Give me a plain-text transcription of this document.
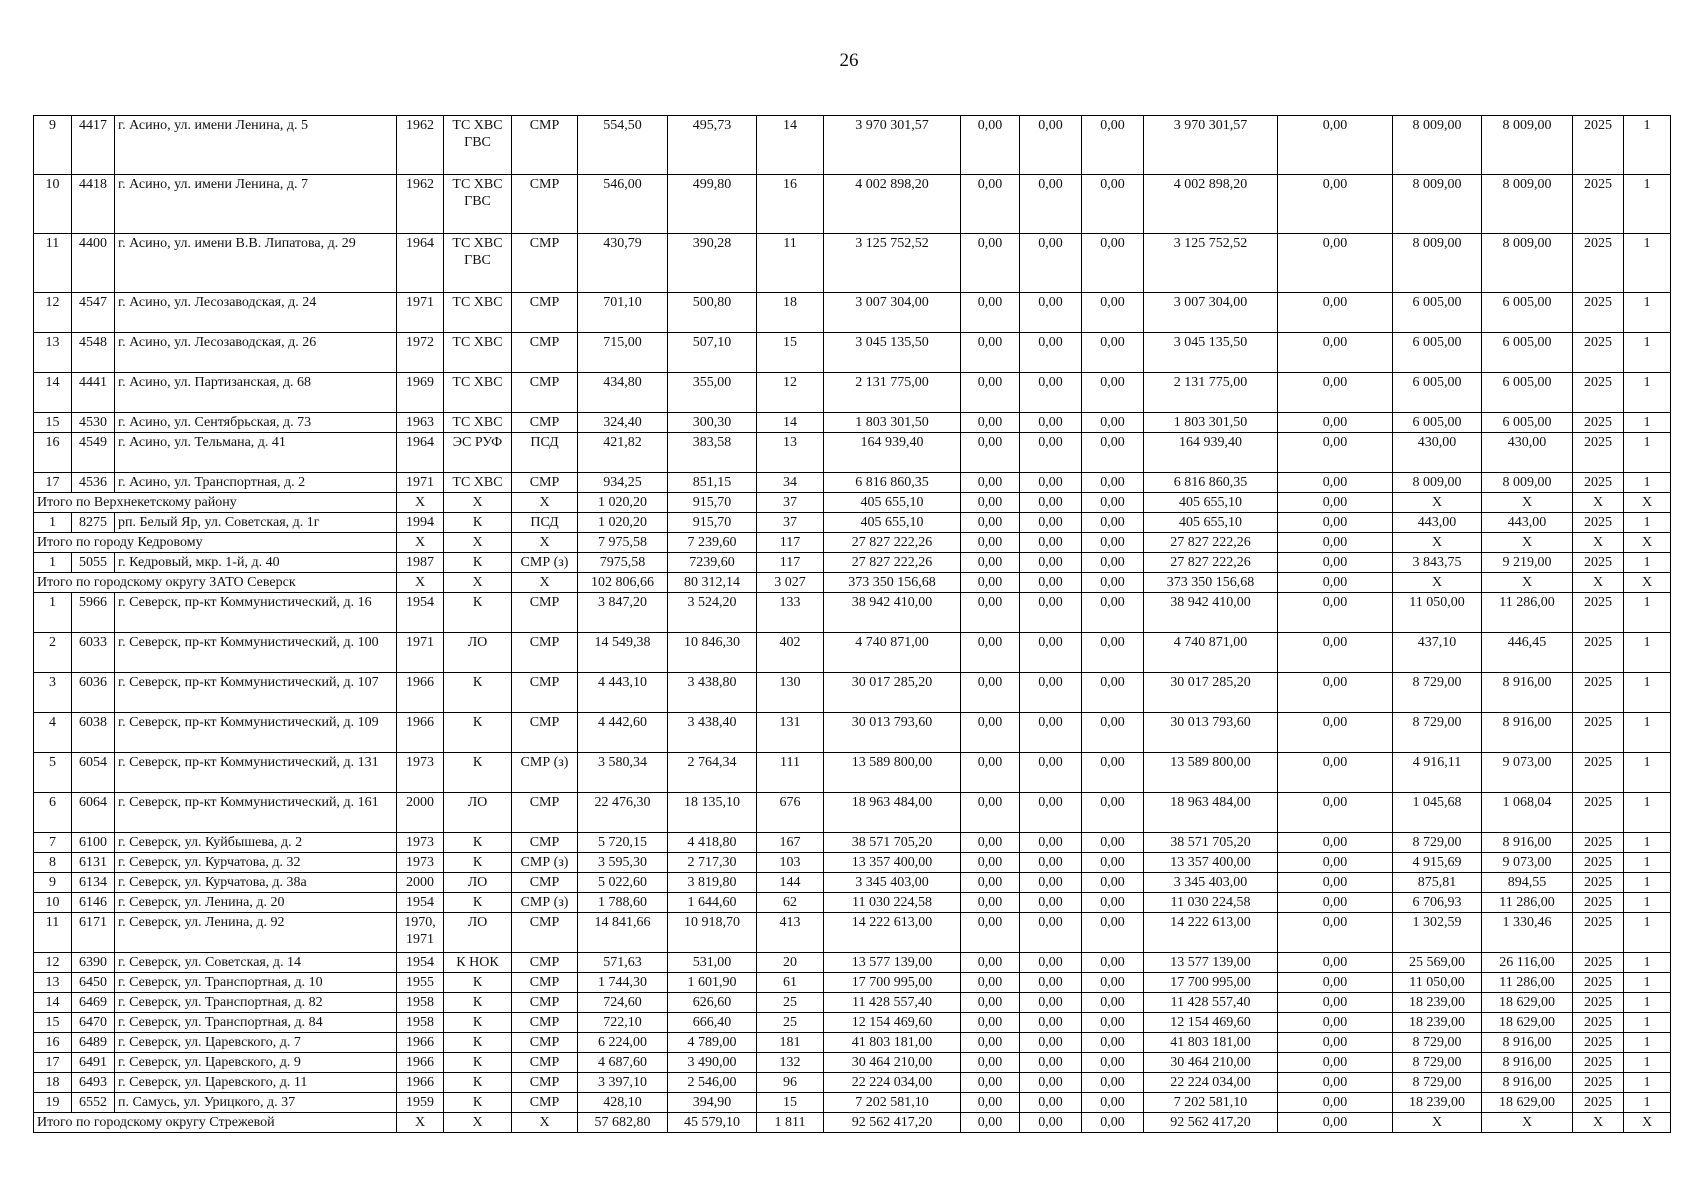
26
9	4417	г. Асино, ул. имени Ленина, д. 5	1962	ТС ХВС ГВС	СМР	554,50	495,73	14	3 970 301,57	0,00	0,00	0,00	3 970 301,57	0,00	8 009,00	8 009,00	2025	1
10	4418	г. Асино, ул. имени Ленина, д. 7	1962	ТС ХВС ГВС	СМР	546,00	499,80	16	4 002 898,20	0,00	0,00	0,00	4 002 898,20	0,00	8 009,00	8 009,00	2025	1
11	4400	г. Асино, ул. имени В.В. Липатова, д. 29	1964	ТС ХВС ГВС	СМР	430,79	390,28	11	3 125 752,52	0,00	0,00	0,00	3 125 752,52	0,00	8 009,00	8 009,00	2025	1
12	4547	г. Асино, ул. Лесозаводская, д. 24	1971	ТС ХВС	СМР	701,10	500,80	18	3 007 304,00	0,00	0,00	0,00	3 007 304,00	0,00	6 005,00	6 005,00	2025	1
13	4548	г. Асино, ул. Лесозаводская, д. 26	1972	ТС ХВС	СМР	715,00	507,10	15	3 045 135,50	0,00	0,00	0,00	3 045 135,50	0,00	6 005,00	6 005,00	2025	1
14	4441	г. Асино, ул. Партизанская, д. 68	1969	ТС ХВС	СМР	434,80	355,00	12	2 131 775,00	0,00	0,00	0,00	2 131 775,00	0,00	6 005,00	6 005,00	2025	1
15	4530	г. Асино, ул. Сентябрьская, д. 73	1963	ТС ХВС	СМР	324,40	300,30	14	1 803 301,50	0,00	0,00	0,00	1 803 301,50	0,00	6 005,00	6 005,00	2025	1
16	4549	г. Асино, ул. Тельмана, д. 41	1964	ЭС РУФ	ПСД	421,82	383,58	13	164 939,40	0,00	0,00	0,00	164 939,40	0,00	430,00	430,00	2025	1
17	4536	г. Асино, ул. Транспортная, д. 2	1971	ТС ХВС	СМР	934,25	851,15	34	6 816 860,35	0,00	0,00	0,00	6 816 860,35	0,00	8 009,00	8 009,00	2025	1
Итого по Верхнекетскому району			X	X	X	1 020,20	915,70	37	405 655,10	0,00	0,00	0,00	405 655,10	0,00	X	X	X	X
1	8275	рп. Белый Яр, ул. Советская, д. 1г	1994	К	ПСД	1 020,20	915,70	37	405 655,10	0,00	0,00	0,00	405 655,10	0,00	443,00	443,00	2025	1
Итого по городу Кедровому			X	X	X	7 975,58	7 239,60	117	27 827 222,26	0,00	0,00	0,00	27 827 222,26	0,00	X	X	X	X
1	5055	г. Кедровый, мкр. 1-й, д. 40	1987	К	СМР (з)	7975,58	7239,60	117	27 827 222,26	0,00	0,00	0,00	27 827 222,26	0,00	3 843,75	9 219,00	2025	1
Итого по городскому округу ЗАТО Северск			X	X	X	102 806,66	80 312,14	3 027	373 350 156,68	0,00	0,00	0,00	373 350 156,68	0,00	X	X	X	X
1	5966	г. Северск, пр-кт Коммунистический, д. 16	1954	К	СМР	3 847,20	3 524,20	133	38 942 410,00	0,00	0,00	0,00	38 942 410,00	0,00	11 050,00	11 286,00	2025	1
2	6033	г. Северск, пр-кт Коммунистический, д. 100	1971	ЛО	СМР	14 549,38	10 846,30	402	4 740 871,00	0,00	0,00	0,00	4 740 871,00	0,00	437,10	446,45	2025	1
3	6036	г. Северск, пр-кт Коммунистический, д. 107	1966	К	СМР	4 443,10	3 438,80	130	30 017 285,20	0,00	0,00	0,00	30 017 285,20	0,00	8 729,00	8 916,00	2025	1
4	6038	г. Северск, пр-кт Коммунистический, д. 109	1966	К	СМР	4 442,60	3 438,40	131	30 013 793,60	0,00	0,00	0,00	30 013 793,60	0,00	8 729,00	8 916,00	2025	1
5	6054	г. Северск, пр-кт Коммунистический, д. 131	1973	К	СМР (з)	3 580,34	2 764,34	111	13 589 800,00	0,00	0,00	0,00	13 589 800,00	0,00	4 916,11	9 073,00	2025	1
6	6064	г. Северск, пр-кт Коммунистический, д. 161	2000	ЛО	СМР	22 476,30	18 135,10	676	18 963 484,00	0,00	0,00	0,00	18 963 484,00	0,00	1 045,68	1 068,04	2025	1
7	6100	г. Северск, ул. Куйбышева, д. 2	1973	К	СМР	5 720,15	4 418,80	167	38 571 705,20	0,00	0,00	0,00	38 571 705,20	0,00	8 729,00	8 916,00	2025	1
8	6131	г. Северск, ул. Курчатова, д. 32	1973	К	СМР (з)	3 595,30	2 717,30	103	13 357 400,00	0,00	0,00	0,00	13 357 400,00	0,00	4 915,69	9 073,00	2025	1
9	6134	г. Северск, ул. Курчатова, д. 38а	2000	ЛО	СМР	5 022,60	3 819,80	144	3 345 403,00	0,00	0,00	0,00	3 345 403,00	0,00	875,81	894,55	2025	1
10	6146	г. Северск, ул. Ленина, д. 20	1954	К	СМР (з)	1 788,60	1 644,60	62	11 030 224,58	0,00	0,00	0,00	11 030 224,58	0,00	6 706,93	11 286,00	2025	1
11	6171	г. Северск, ул. Ленина, д. 92	1970, 1971	ЛО	СМР	14 841,66	10 918,70	413	14 222 613,00	0,00	0,00	0,00	14 222 613,00	0,00	1 302,59	1 330,46	2025	1
12	6390	г. Северск, ул. Советская, д. 14	1954	К НОК	СМР	571,63	531,00	20	13 577 139,00	0,00	0,00	0,00	13 577 139,00	0,00	25 569,00	26 116,00	2025	1
13	6450	г. Северск, ул. Транспортная, д. 10	1955	К	СМР	1 744,30	1 601,90	61	17 700 995,00	0,00	0,00	0,00	17 700 995,00	0,00	11 050,00	11 286,00	2025	1
14	6469	г. Северск, ул. Транспортная, д. 82	1958	К	СМР	724,60	626,60	25	11 428 557,40	0,00	0,00	0,00	11 428 557,40	0,00	18 239,00	18 629,00	2025	1
15	6470	г. Северск, ул. Транспортная, д. 84	1958	К	СМР	722,10	666,40	25	12 154 469,60	0,00	0,00	0,00	12 154 469,60	0,00	18 239,00	18 629,00	2025	1
16	6489	г. Северск, ул. Царевского, д. 7	1966	К	СМР	6 224,00	4 789,00	181	41 803 181,00	0,00	0,00	0,00	41 803 181,00	0,00	8 729,00	8 916,00	2025	1
17	6491	г. Северск, ул. Царевского, д. 9	1966	К	СМР	4 687,60	3 490,00	132	30 464 210,00	0,00	0,00	0,00	30 464 210,00	0,00	8 729,00	8 916,00	2025	1
18	6493	г. Северск, ул. Царевского, д. 11	1966	К	СМР	3 397,10	2 546,00	96	22 224 034,00	0,00	0,00	0,00	22 224 034,00	0,00	8 729,00	8 916,00	2025	1
19	6552	п. Самусь, ул. Урицкого, д. 37	1959	К	СМР	428,10	394,90	15	7 202 581,10	0,00	0,00	0,00	7 202 581,10	0,00	18 239,00	18 629,00	2025	1
Итого по городскому округу Стрежевой			X	X	X	57 682,80	45 579,10	1 811	92 562 417,20	0,00	0,00	0,00	92 562 417,20	0,00	X	X	X	X
